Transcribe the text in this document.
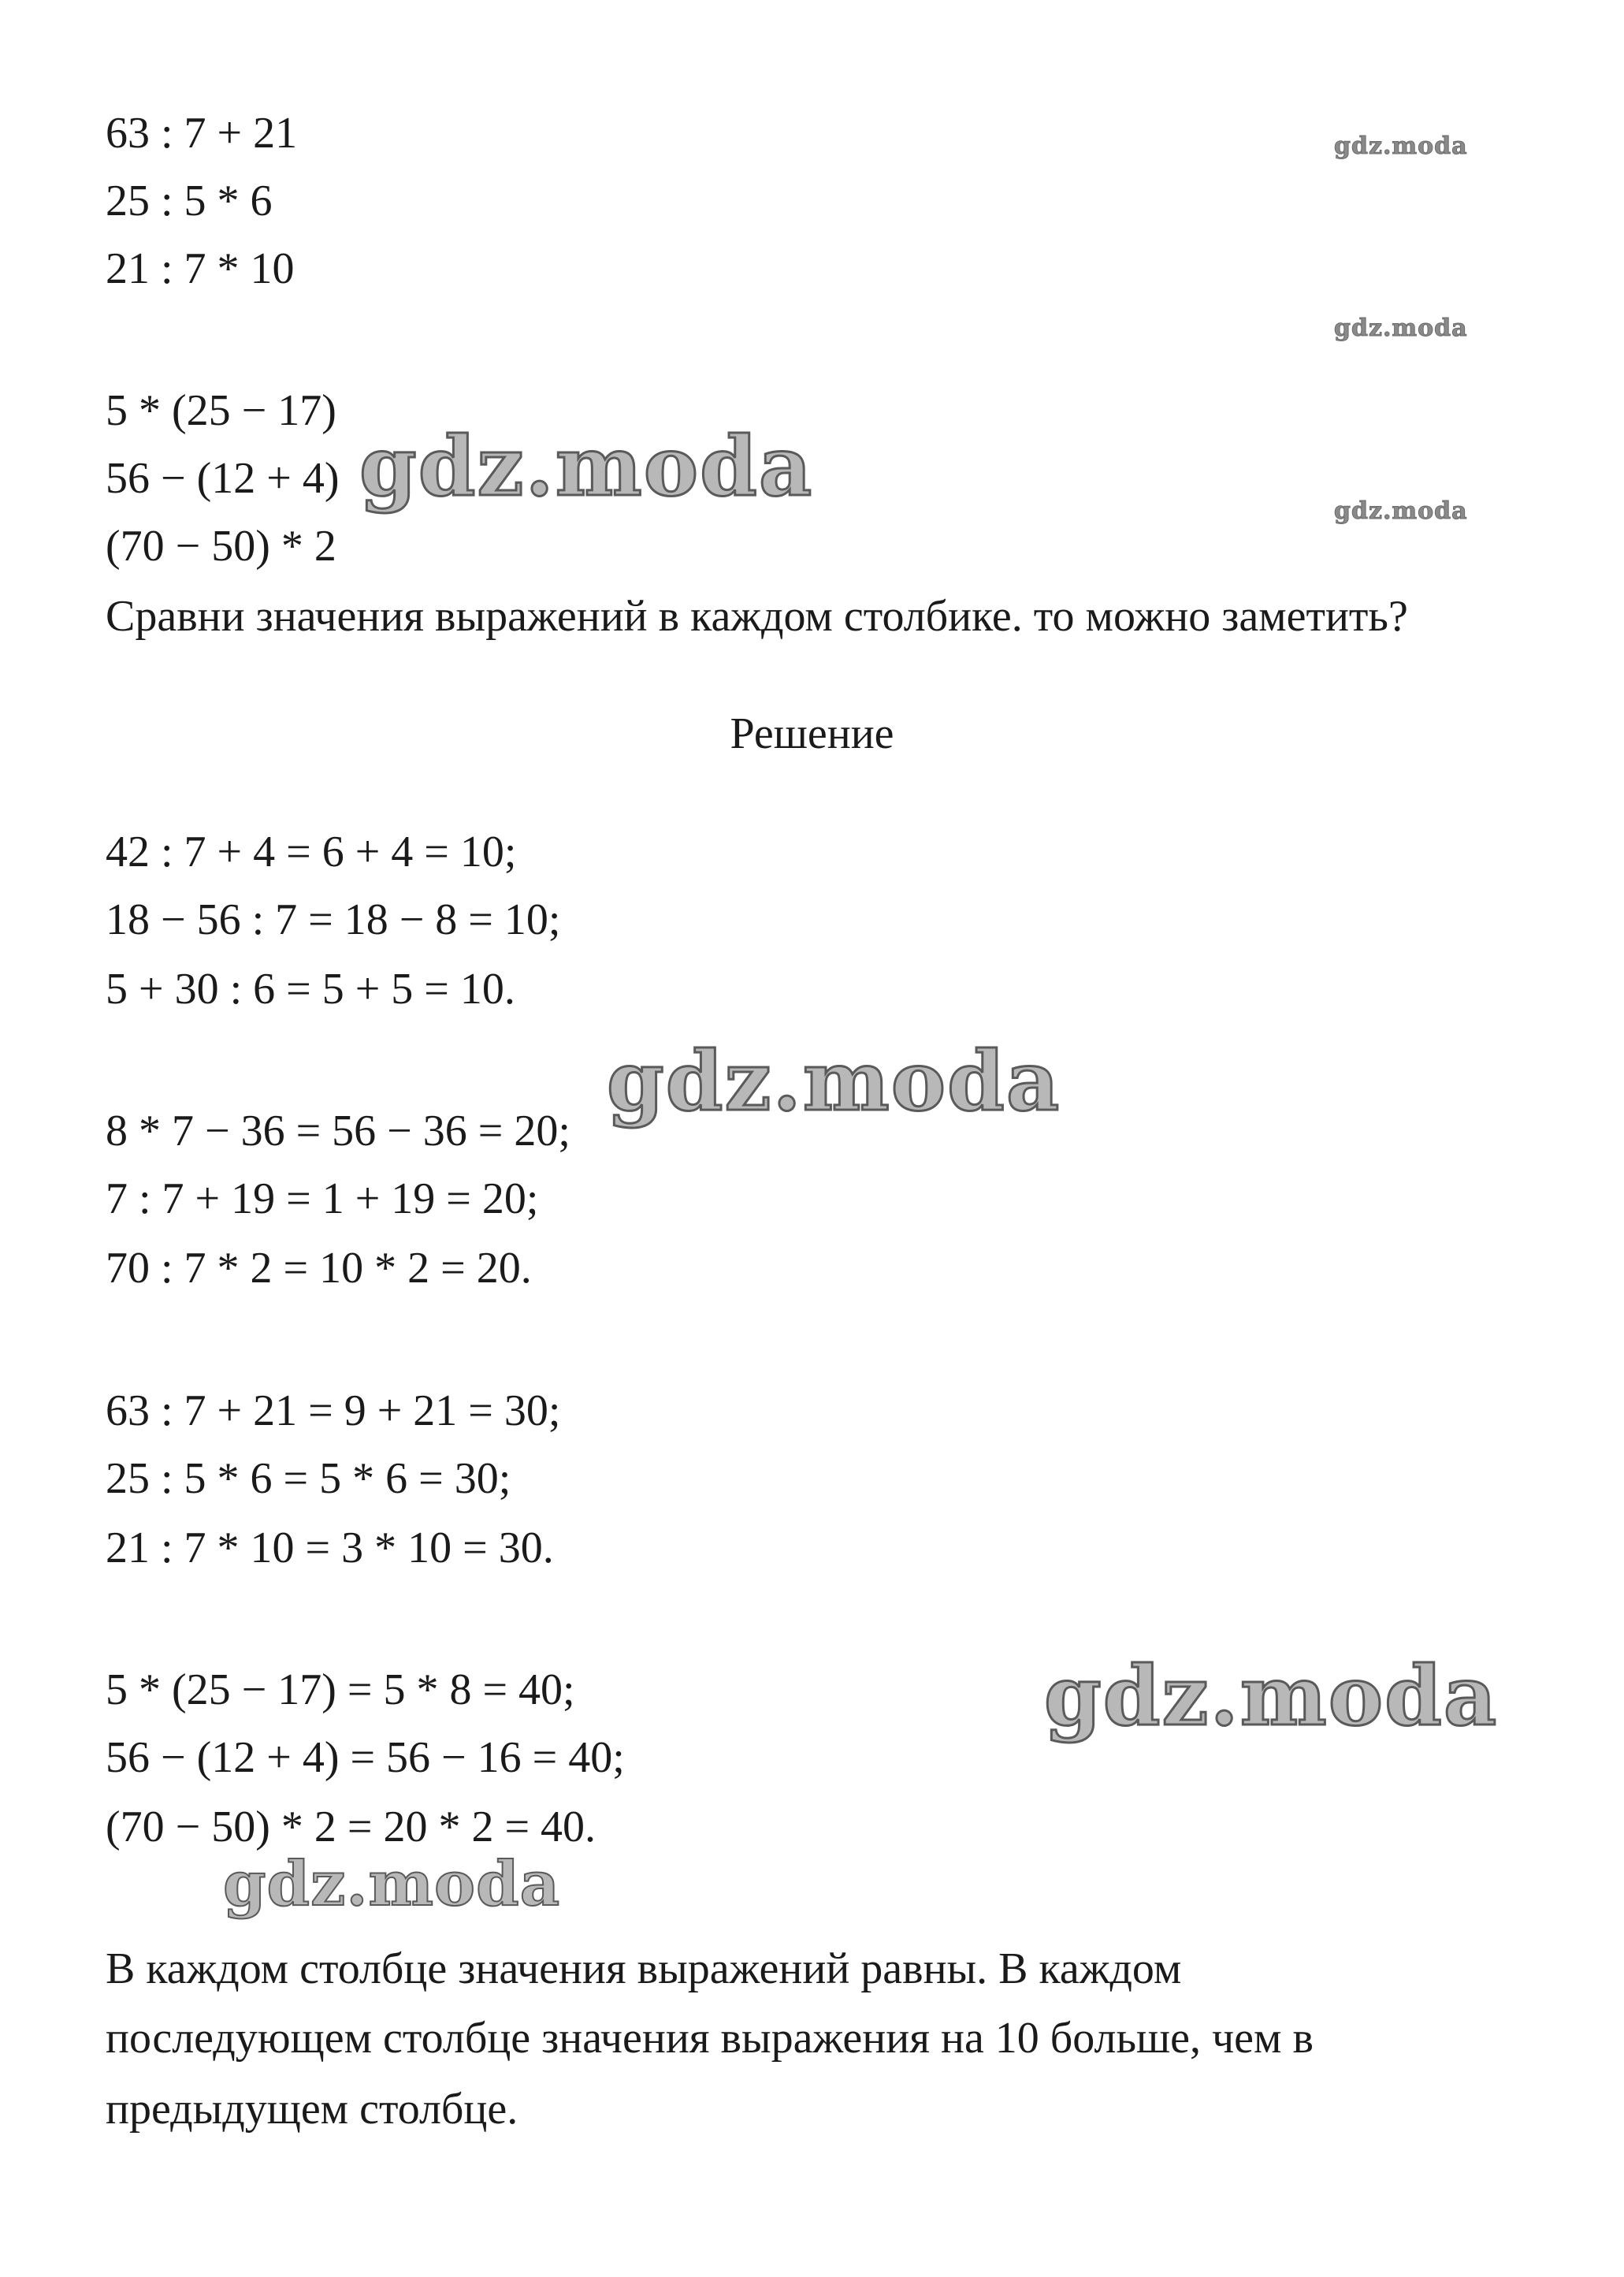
63 : 7 + 21
25 : 5 * 6
21 : 7 * 10
5 * (25 − 17)
56 − (12 + 4)
(70 − 50) * 2
Сравни значения выражений в каждом столбике. то можно заметить?
Решение
42 : 7 + 4 = 6 + 4 = 10;
18 − 56 : 7 = 18 − 8 = 10;
5 + 30 : 6 = 5 + 5 = 10.
8 * 7 − 36 = 56 − 36 = 20;
7 : 7 + 19 = 1 + 19 = 20;
70 : 7 * 2 = 10 * 2 = 20.
63 : 7 + 21 = 9 + 21 = 30;
25 : 5 * 6 = 5 * 6 = 30;
21 : 7 * 10 = 3 * 10 = 30.
5 * (25 − 17) = 5 * 8 = 40;
56 − (12 + 4) = 56 − 16 = 40;
(70 − 50) * 2 = 20 * 2 = 40.
В каждом столбце значения выражений равны. В каждом
последующем столбце значения выражения на 10 больше, чем в
предыдущем столбце.
gdz.moda
gdz.moda
gdz.moda
gdz.moda
gdz.moda
gdz.moda
gdz.moda
